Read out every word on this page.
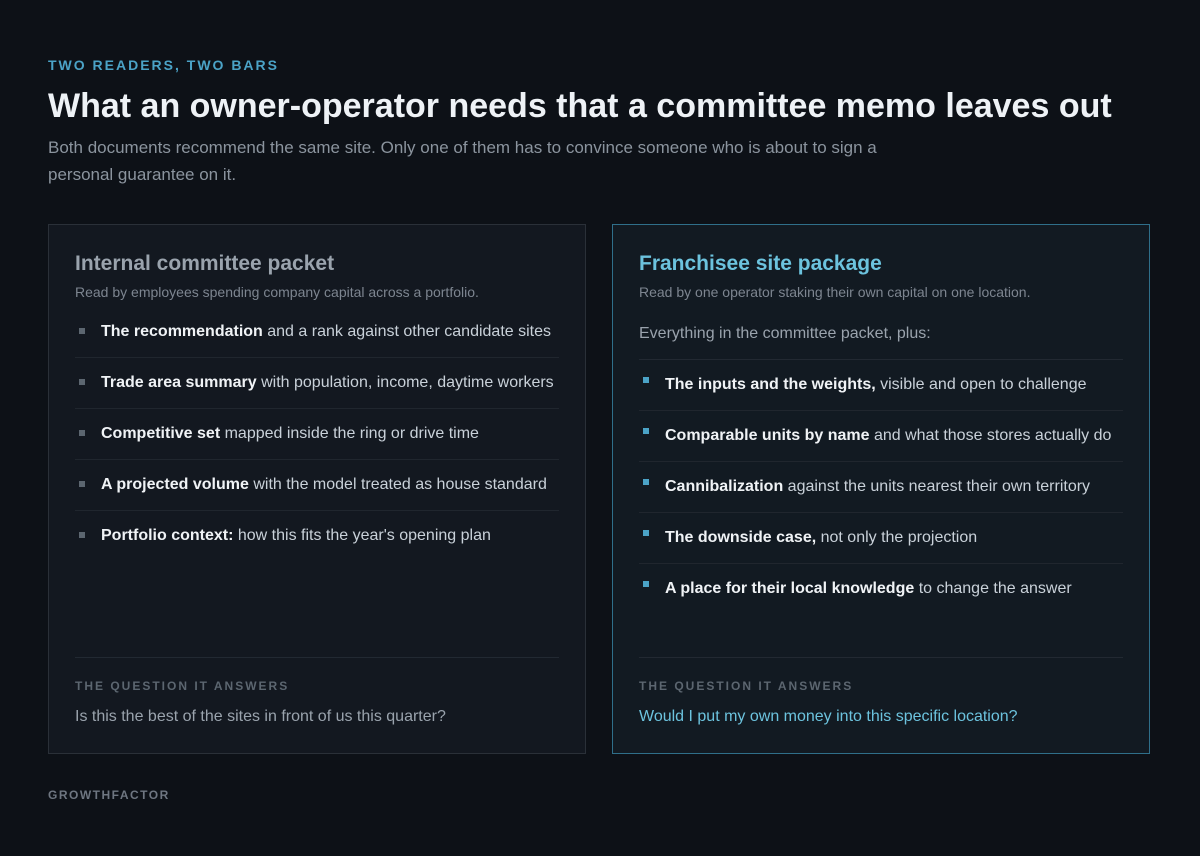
TWO READERS, TWO BARS

What an owner-operator needs that a committee memo leaves out

Both documents recommend the same site. Only one of them has to convince someone who is about to sign a personal guarantee on it.

Internal committee packet

Read by employees spending company capital across a portfolio.

The recommendation and a rank against other candidate sites
Trade area summary with population, income, daytime workers
Competitive set mapped inside the ring or drive time
A projected volume with the model treated as house standard
Portfolio context: how this fits the year's opening plan

THE QUESTION IT ANSWERS

Is this the best of the sites in front of us this quarter?

Franchisee site package

Read by one operator staking their own capital on one location.

Everything in the committee packet, plus:

The inputs and the weights, visible and open to challenge
Comparable units by name and what those stores actually do
Cannibalization against the units nearest their own territory
The downside case, not only the projection
A place for their local knowledge to change the answer

THE QUESTION IT ANSWERS

Would I put my own money into this specific location?

GROWTHFACTOR
